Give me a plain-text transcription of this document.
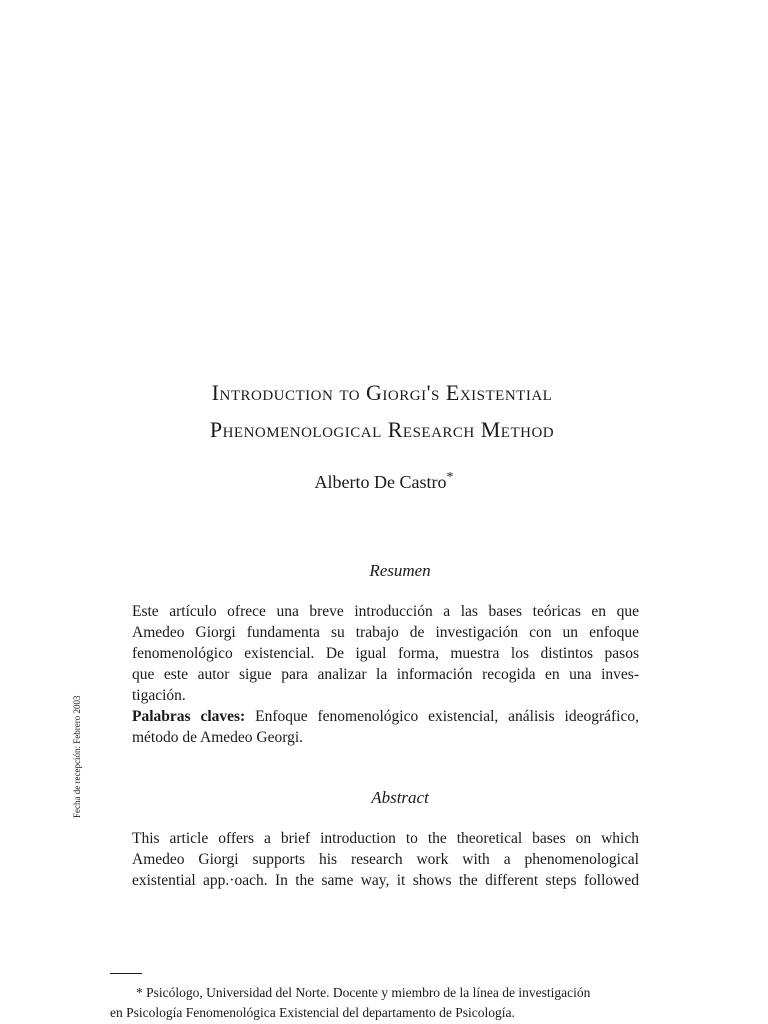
Introduction to Giorgi's Existential
Phenomenological Research Method
Alberto De Castro*
Resumen
Este artículo ofrece una breve introducción a las bases teóricas en que
Amedeo Giorgi fundamenta su trabajo de investigación con un enfoque
fenomenológico existencial. De igual forma, muestra los distintos pasos
que este autor sigue para analizar la información recogida en una inves-
tigación.
Palabras claves: Enfoque fenomenológico existencial, análisis ideográfico,
método de Amedeo Georgi.
Fecha de recepción: Febrero 2003	Abstract
This article offers a brief introduction to the theoretical bases on which
Amedeo Giorgi supports his research work with a phenomenological
existential app.·oach. In the same way, it shows the different steps followed
* Psicólogo, Universidad del Norte. Docente y miembro de la línea de investigación
en Psicología Fenomenológica Existencial del departamento de Psicología.
